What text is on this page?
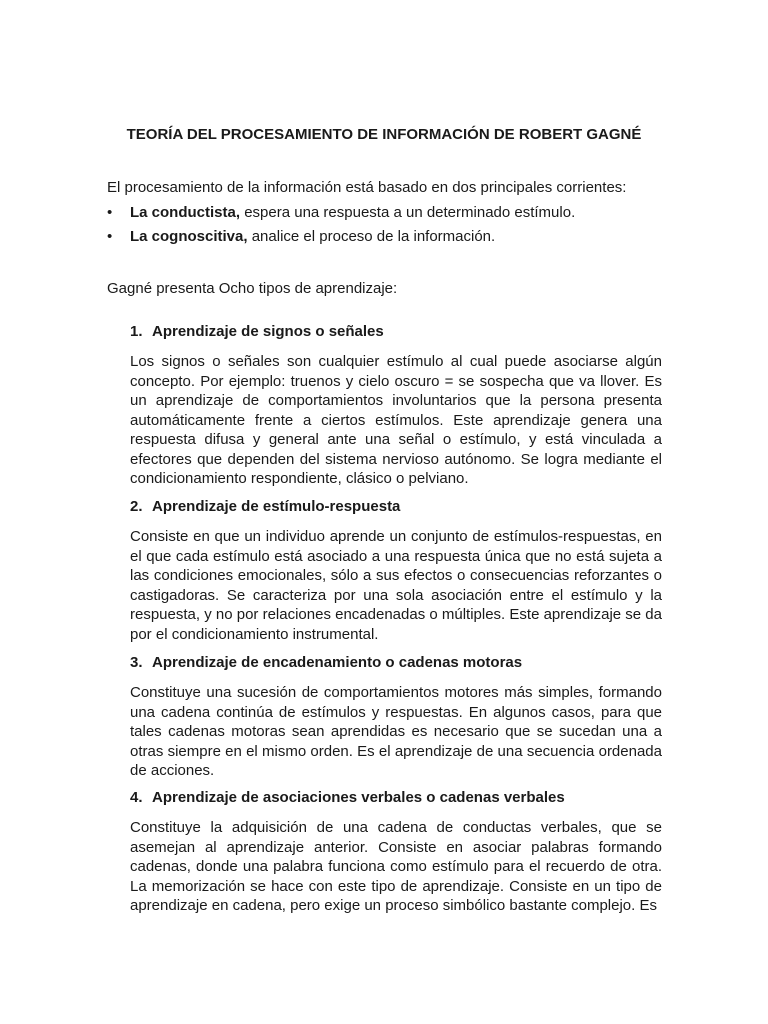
TEORÍA DEL PROCESAMIENTO DE INFORMACIÓN DE ROBERT GAGNÉ
El procesamiento de la información está basado en dos principales corrientes:
• La conductista, espera una respuesta a un determinado estímulo.
• La cognoscitiva, analice el proceso de la información.
Gagné presenta Ocho tipos de aprendizaje:
1. Aprendizaje de signos o señales
Los signos o señales son cualquier estímulo al cual puede asociarse algún concepto. Por ejemplo: truenos y cielo oscuro = se sospecha que va llover. Es un aprendizaje de comportamientos involuntarios que la persona presenta automáticamente frente a ciertos estímulos. Este aprendizaje genera una respuesta difusa y general ante una señal o estímulo, y está vinculada a efectores que dependen del sistema nervioso autónomo. Se logra mediante el condicionamiento respondiente, clásico o pelviano.
2. Aprendizaje de estímulo-respuesta
Consiste en que un individuo aprende un conjunto de estímulos-respuestas, en el que cada estímulo está asociado a una respuesta única que no está sujeta a las condiciones emocionales, sólo a sus efectos o consecuencias reforzantes o castigadoras. Se caracteriza por una sola asociación entre el estímulo y la respuesta, y no por relaciones encadenadas o múltiples. Este aprendizaje se da por el condicionamiento instrumental.
3. Aprendizaje de encadenamiento o cadenas motoras
Constituye una sucesión de comportamientos motores más simples, formando una cadena continúa de estímulos y respuestas. En algunos casos, para que tales cadenas motoras sean aprendidas es necesario que se sucedan una a otras siempre en el mismo orden. Es el aprendizaje de una secuencia ordenada de acciones.
4. Aprendizaje de asociaciones verbales o cadenas verbales
Constituye la adquisición de una cadena de conductas verbales, que se asemejan al aprendizaje anterior. Consiste en asociar palabras formando cadenas, donde una palabra funciona como estímulo para el recuerdo de otra. La memorización se hace con este tipo de aprendizaje. Consiste en un tipo de aprendizaje en cadena, pero exige un proceso simbólico bastante complejo. Es
